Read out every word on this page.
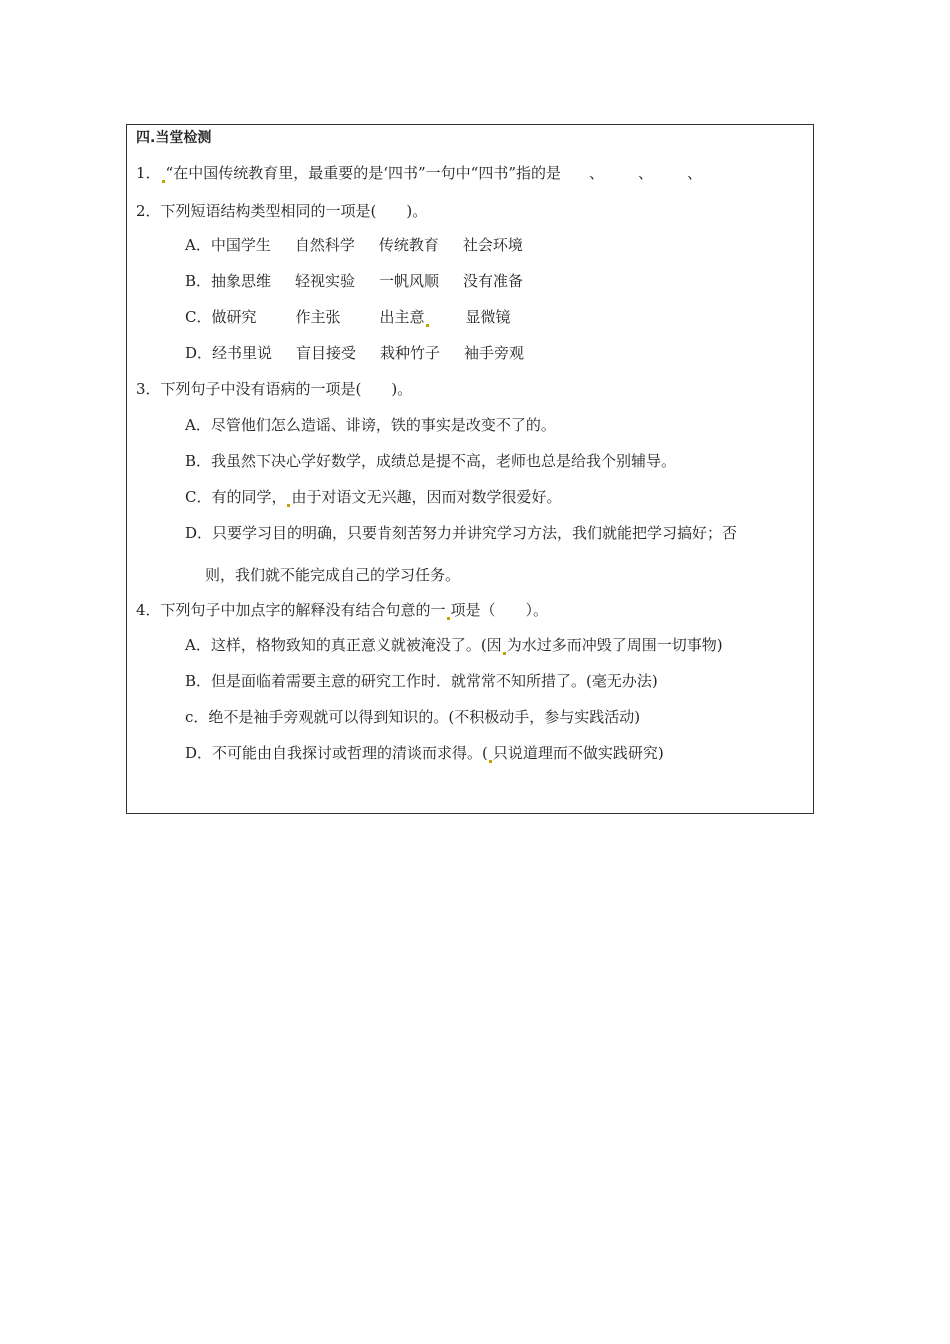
四.当堂检测
1． “在中国传统教育里，最重要的是‘四书”一句中“四书”指的是 、 、 、
2．下列短语结构类型相同的一项是(　　)。
A．中国学生 自然科学 传统教育 社会环境
B．抽象思维 轻视实验 一帆风顺 没有准备
C．做研究	作主张	出主意	显微镜
D．经书里说 盲目接受 栽种竹子 袖手旁观
3．下列句子中没有语病的一项是(　　)。
A．尽管他们怎么造谣、诽谤，铁的事实是改变不了的。
B．我虽然下决心学好数学，成绩总是提不高，老师也总是给我个别辅导。
C．有的同学， 由于对语文无兴趣，因而对数学很爱好。
D．只要学习目的明确，只要肯刻苦努力并讲究学习方法，我们就能把学习搞好；否
则，我们就不能完成自己的学习任务。
4．下列句子中加点字的解释没有结合句意的一 项是（　　）。
A．这样，格物致知的真正意义就被淹没了。(因 为水过多而冲毁了周围一切事物)
B．但是面临着需要主意的研究工作时．就常常不知所措了。(毫无办法)
c．绝不是袖手旁观就可以得到知识的。(不积极动手，参与实践活动)
D．不可能由自我探讨或哲理的清谈而求得。( 只说道理而不做实践研究)
